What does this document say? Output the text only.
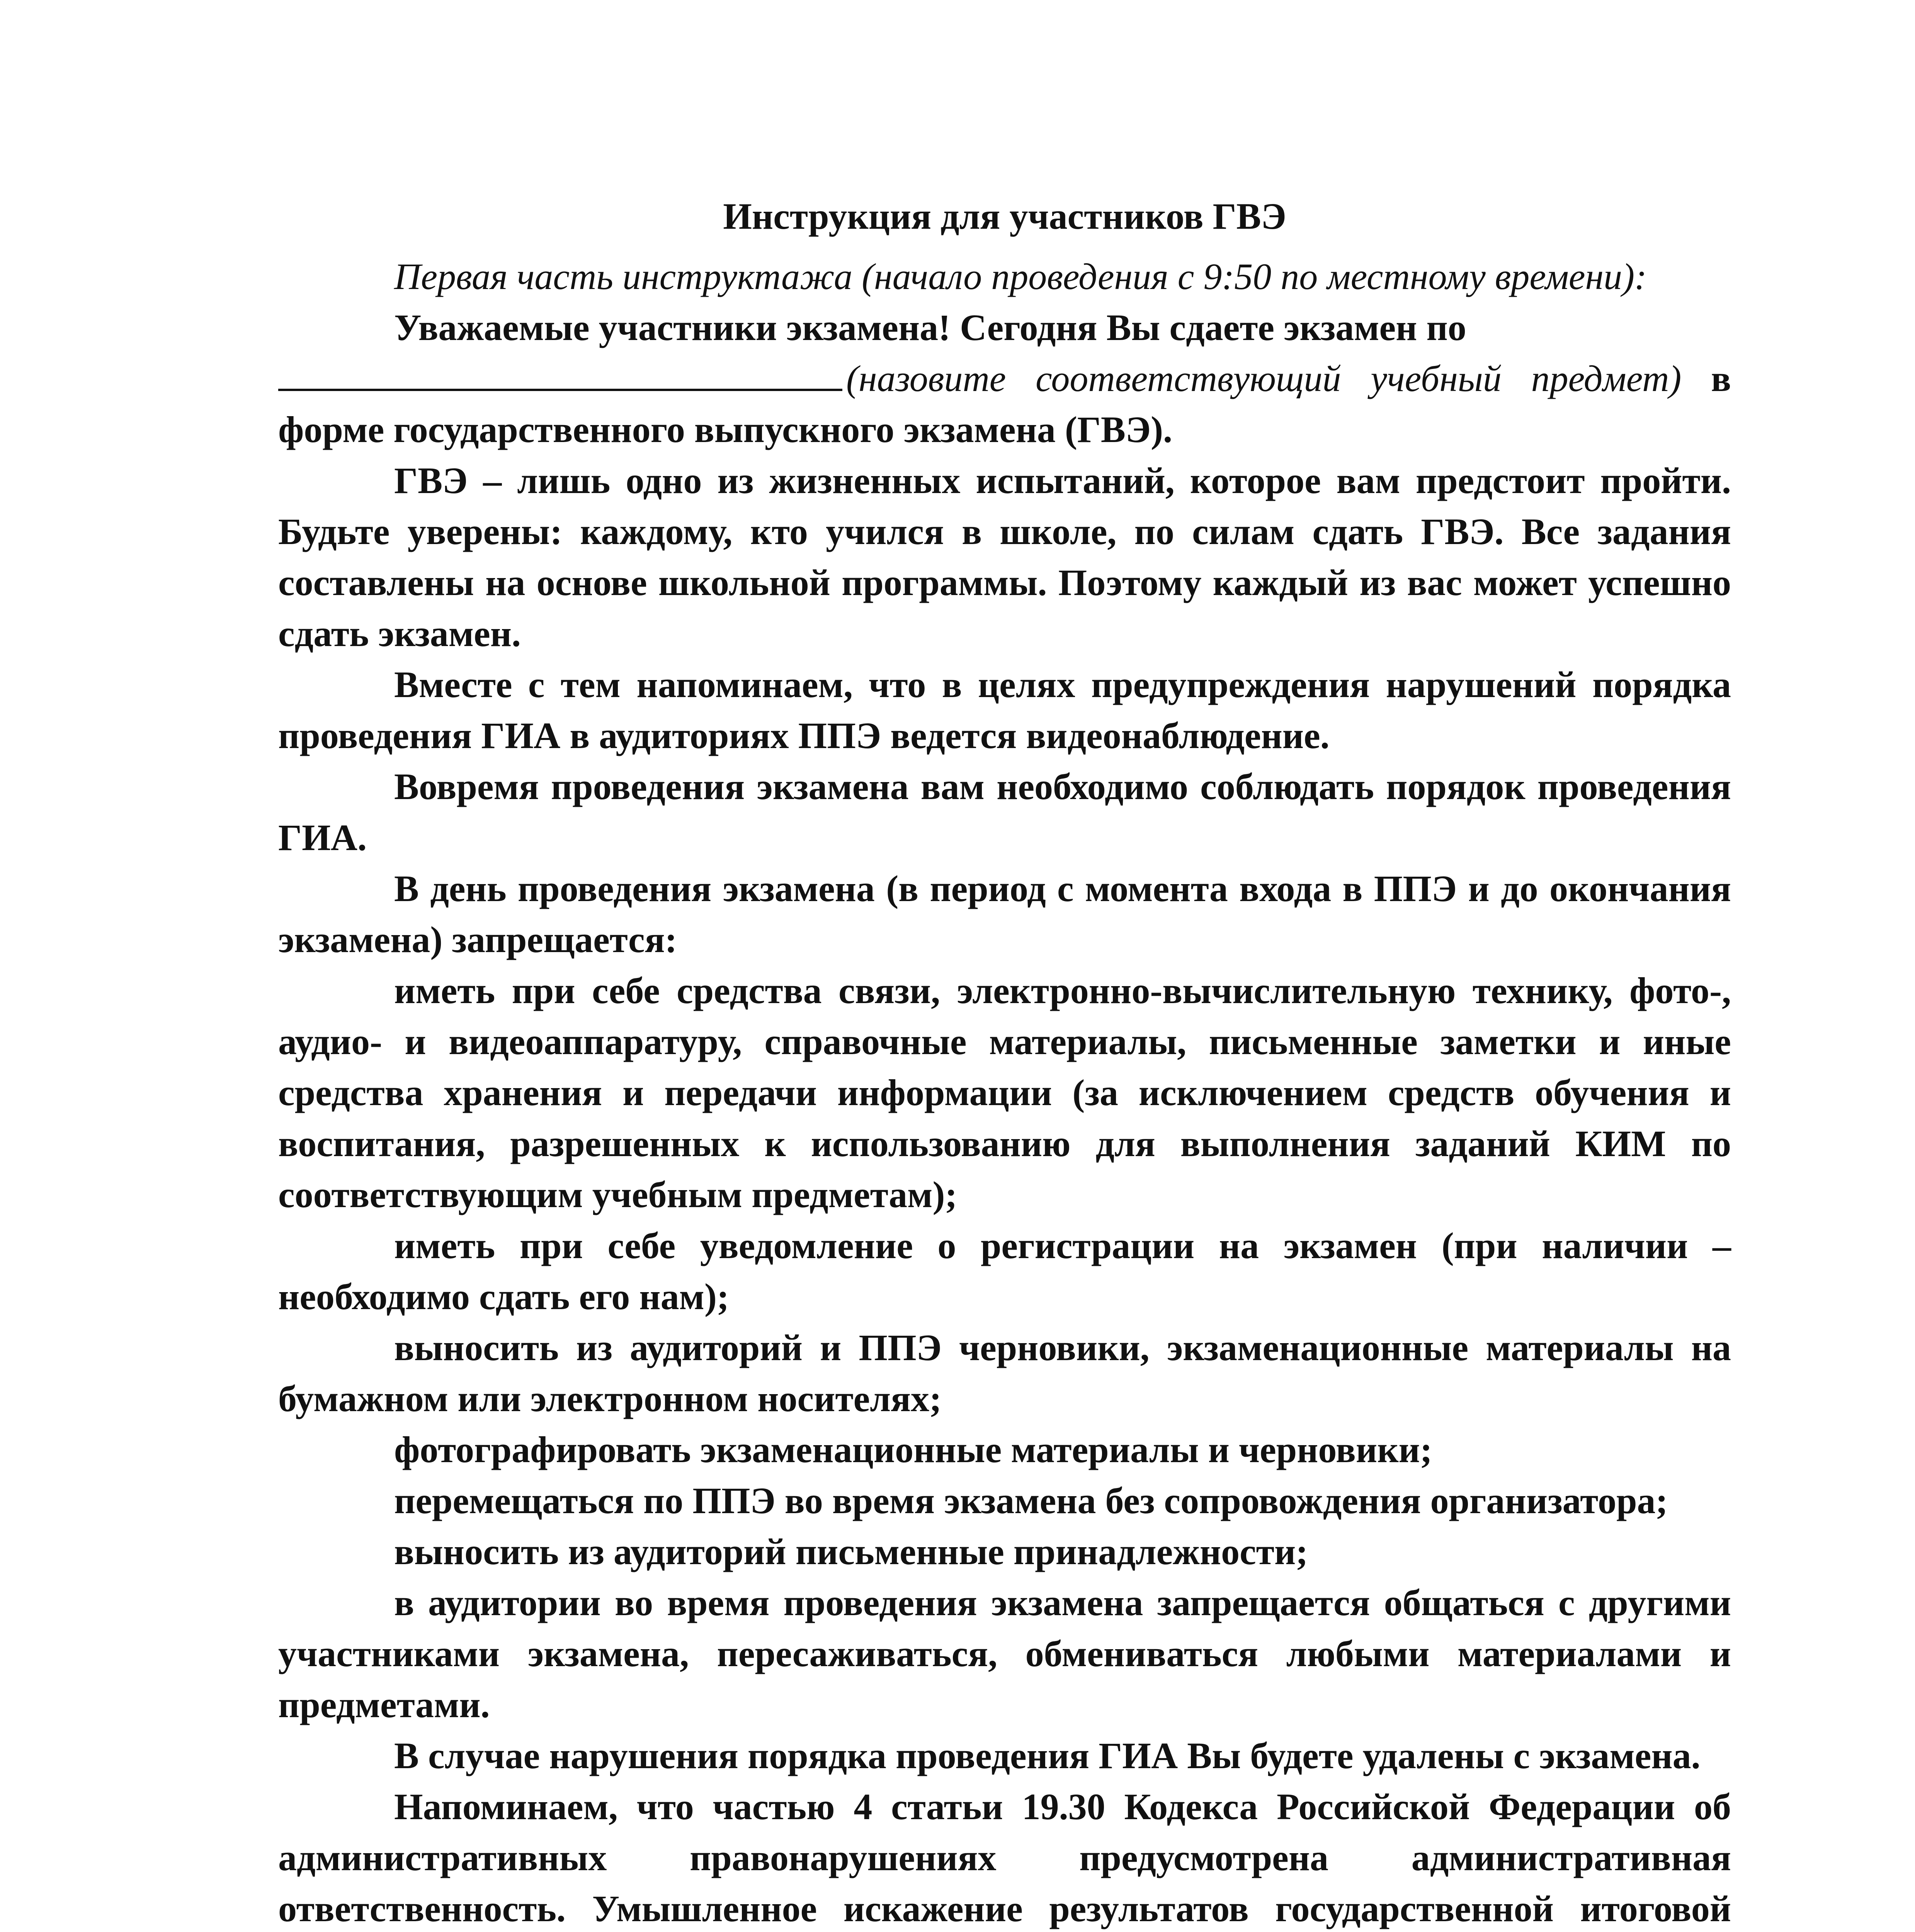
Инструкция для участников ГВЭ

Первая часть инструктажа (начало проведения с 9:50 по местному времени):

Уважаемые участники экзамена! Сегодня Вы сдаете экзамен по
(назовите соответствующий учебный предмет) в форме государственного выпускного экзамена (ГВЭ).

ГВЭ – лишь одно из жизненных испытаний, которое вам предстоит пройти. Будьте уверены: каждому, кто учился в школе, по силам сдать ГВЭ. Все задания составлены на основе школьной программы. Поэтому каждый из вас может успешно сдать экзамен.

Вместе с тем напоминаем, что в целях предупреждения нарушений порядка проведения ГИА в аудиториях ППЭ ведется видеонаблюдение.

Вовремя проведения экзамена вам необходимо соблюдать порядок проведения ГИА.

В день проведения экзамена (в период с момента входа в ППЭ и до окончания экзамена) запрещается:

иметь при себе средства связи, электронно-вычислительную технику, фото-, аудио- и видеоаппаратуру, справочные материалы, письменные заметки и иные средства хранения и передачи информации (за исключением средств обучения и воспитания, разрешенных к использованию для выполнения заданий КИМ по соответствующим учебным предметам);

иметь при себе уведомление о регистрации на экзамен (при наличии – необходимо сдать его нам);

выносить из аудиторий и ППЭ черновики, экзаменационные материалы на бумажном или электронном носителях;

фотографировать экзаменационные материалы и черновики;

перемещаться по ППЭ во время экзамена без сопровождения организатора;

выносить из аудиторий письменные принадлежности;

в аудитории во время проведения экзамена запрещается общаться с другими участниками экзамена, пересаживаться, обмениваться любыми материалами и предметами.

В случае нарушения порядка проведения ГИА Вы будете удалены с экзамена.

Напоминаем, что частью 4 статьи 19.30 Кодекса Российской Федерации об административных правонарушениях предусмотрена административная ответственность. Умышленное искажение результатов государственной итоговой
